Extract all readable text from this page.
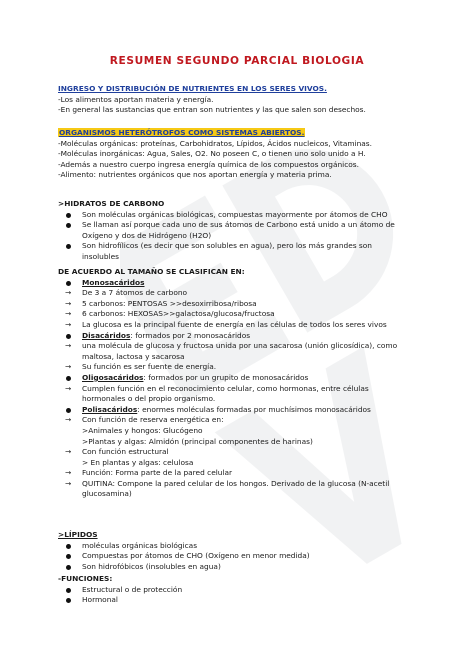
RESUMEN SEGUNDO PARCIAL BIOLOGIA
INGRESO Y DISTRIBUCIÓN DE NUTRIENTES EN LOS SERES VIVOS.
-Los alimentos aportan materia y energía.
-En general las sustancias que entran son nutrientes y las que salen son desechos.
ORGANISMOS HETERÓTROFOS COMO SISTEMAS ABIERTOS.
-Moléculas orgánicas: proteínas, Carbohidratos, Lípidos, Ácidos nucleicos, Vitaminas.
-Moléculas inorgánicas: Agua, Sales, O2. No poseen C, o tienen uno solo unido a H.
-Además a nuestro cuerpo ingresa energía química de los compuestos orgánicos.
-Alimento: nutrientes orgánicos que nos aportan energía y materia prima.
>HIDRATOS DE CARBONO
Son moléculas orgánicas biológicas, compuestas mayormente por átomos de CHO
Se llaman así porque cada uno de sus átomos de Carbono está unido a un átomo de
Oxígeno y dos de Hidrógeno (H2O)
Son hidrofílicos (es decir que son solubles en agua), pero los más grandes son
insolubles
DE ACUERDO AL TAMAÑO SE CLASIFICAN EN:
Monosacáridos
→ De 3 a 7 átomos de carbono
→ 5 carbonos: PENTOSAS >>desoxirribosa/ribosa
→ 6 carbonos: HEXOSAS>>galactosa/glucosa/fructosa
→ La glucosa es la principal fuente de energía en las células de todos los seres vivos
Disacáridos: formados por 2 monosacáridos
→ una molécula de glucosa y fructosa unida por una sacarosa (unión glicosídica), como
maltosa, lactosa y sacarosa
→ Su función es ser fuente de energía.
Oligosacáridos: formados por un grupito de monosacáridos
→ Cumplen función en el reconocimiento celular, como hormonas, entre células
hormonales o del propio organismo.
Polisacáridos: enormes moléculas formadas por muchísimos monosacáridos
→ Con función de reserva energética en:
>Animales y hongos: Glucógeno
>Plantas y algas: Almidón (principal componentes de harinas)
→ Con función estructural
> En plantas y algas: celulosa
→ Función: Forma parte de la pared celular
→ QUITINA: Compone la pared celular de los hongos. Derivado de la glucosa (N-acetil
glucosamina)
>LÍPIDOS
moléculas orgánicas biológicas
Compuestas por átomos de CHO (Oxígeno en menor medida)
Son hidrofóbicos (insolubles en agua)
-FUNCIONES:
Estructural o de protección
Hormonal
